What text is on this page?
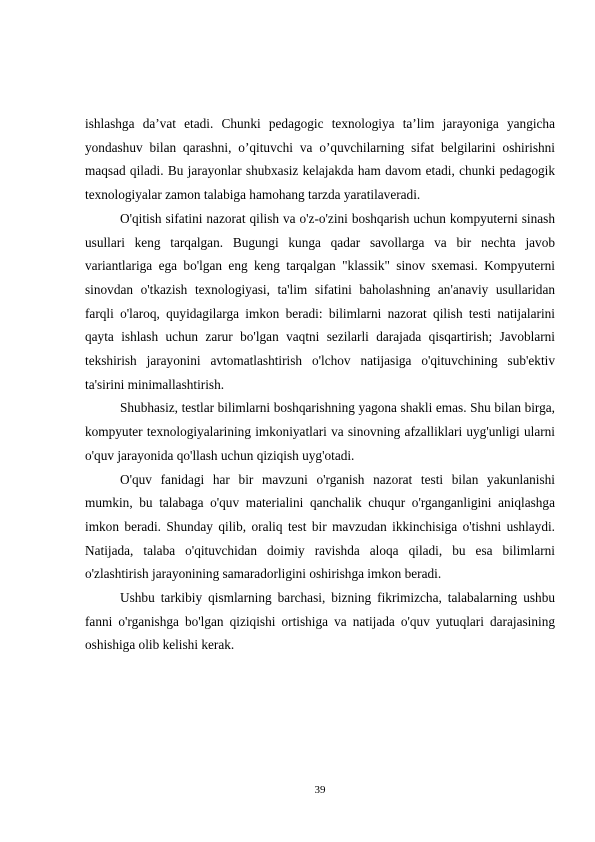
ishlashga da’vat etadi. Chunki pedagogic texnologiya ta’lim jarayoniga yangicha yondashuv bilan qarashni, o’qituvchi va o’quvchilarning sifat belgilarini oshirishni maqsad qiladi. Bu jarayonlar shubxasiz kelajakda ham davom etadi, chunki pedagogik texnologiyalar zamon talabiga hamohang tarzda yaratilaveradi.

O'qitish sifatini nazorat qilish va o'z-o'zini boshqarish uchun kompyuterni sinash usullari keng tarqalgan. Bugungi kunga qadar savollarga va bir nechta javob variantlariga ega bo'lgan eng keng tarqalgan "klassik" sinov sxemasi. Kompyuterni sinovdan o'tkazish texnologiyasi, ta'lim sifatini baholashning an'anaviy usullaridan farqli o'laroq, quyidagilarga imkon beradi: bilimlarni nazorat qilish testi natijalarini qayta ishlash uchun zarur bo'lgan vaqtni sezilarli darajada qisqartirish; Javoblarni tekshirish jarayonini avtomatlashtirish o'lchov natijasiga o'qituvchining sub'ektiv ta'sirini minimallashtirish.

Shubhasiz, testlar bilimlarni boshqarishning yagona shakli emas. Shu bilan birga, kompyuter texnologiyalarining imkoniyatlari va sinovning afzalliklari uyg'unligi ularni o'quv jarayonida qo'llash uchun qiziqish uyg'otadi.

O'quv fanidagi har bir mavzuni o'rganish nazorat testi bilan yakunlanishi mumkin, bu talabaga o'quv materialini qanchalik chuqur o'rganganligini aniqlashga imkon beradi. Shunday qilib, oraliq test bir mavzudan ikkinchisiga o'tishni ushlaydi. Natijada, talaba o'qituvchidan doimiy ravishda aloqa qiladi, bu esa bilimlarni o'zlashtirish jarayonining samaradorligini oshirishga imkon beradi.

Ushbu tarkibiy qismlarning barchasi, bizning fikrimizcha, talabalarning ushbu fanni o'rganishga bo'lgan qiziqishi ortishiga va natijada o'quv yutuqlari darajasining oshishiga olib kelishi kerak.

39
